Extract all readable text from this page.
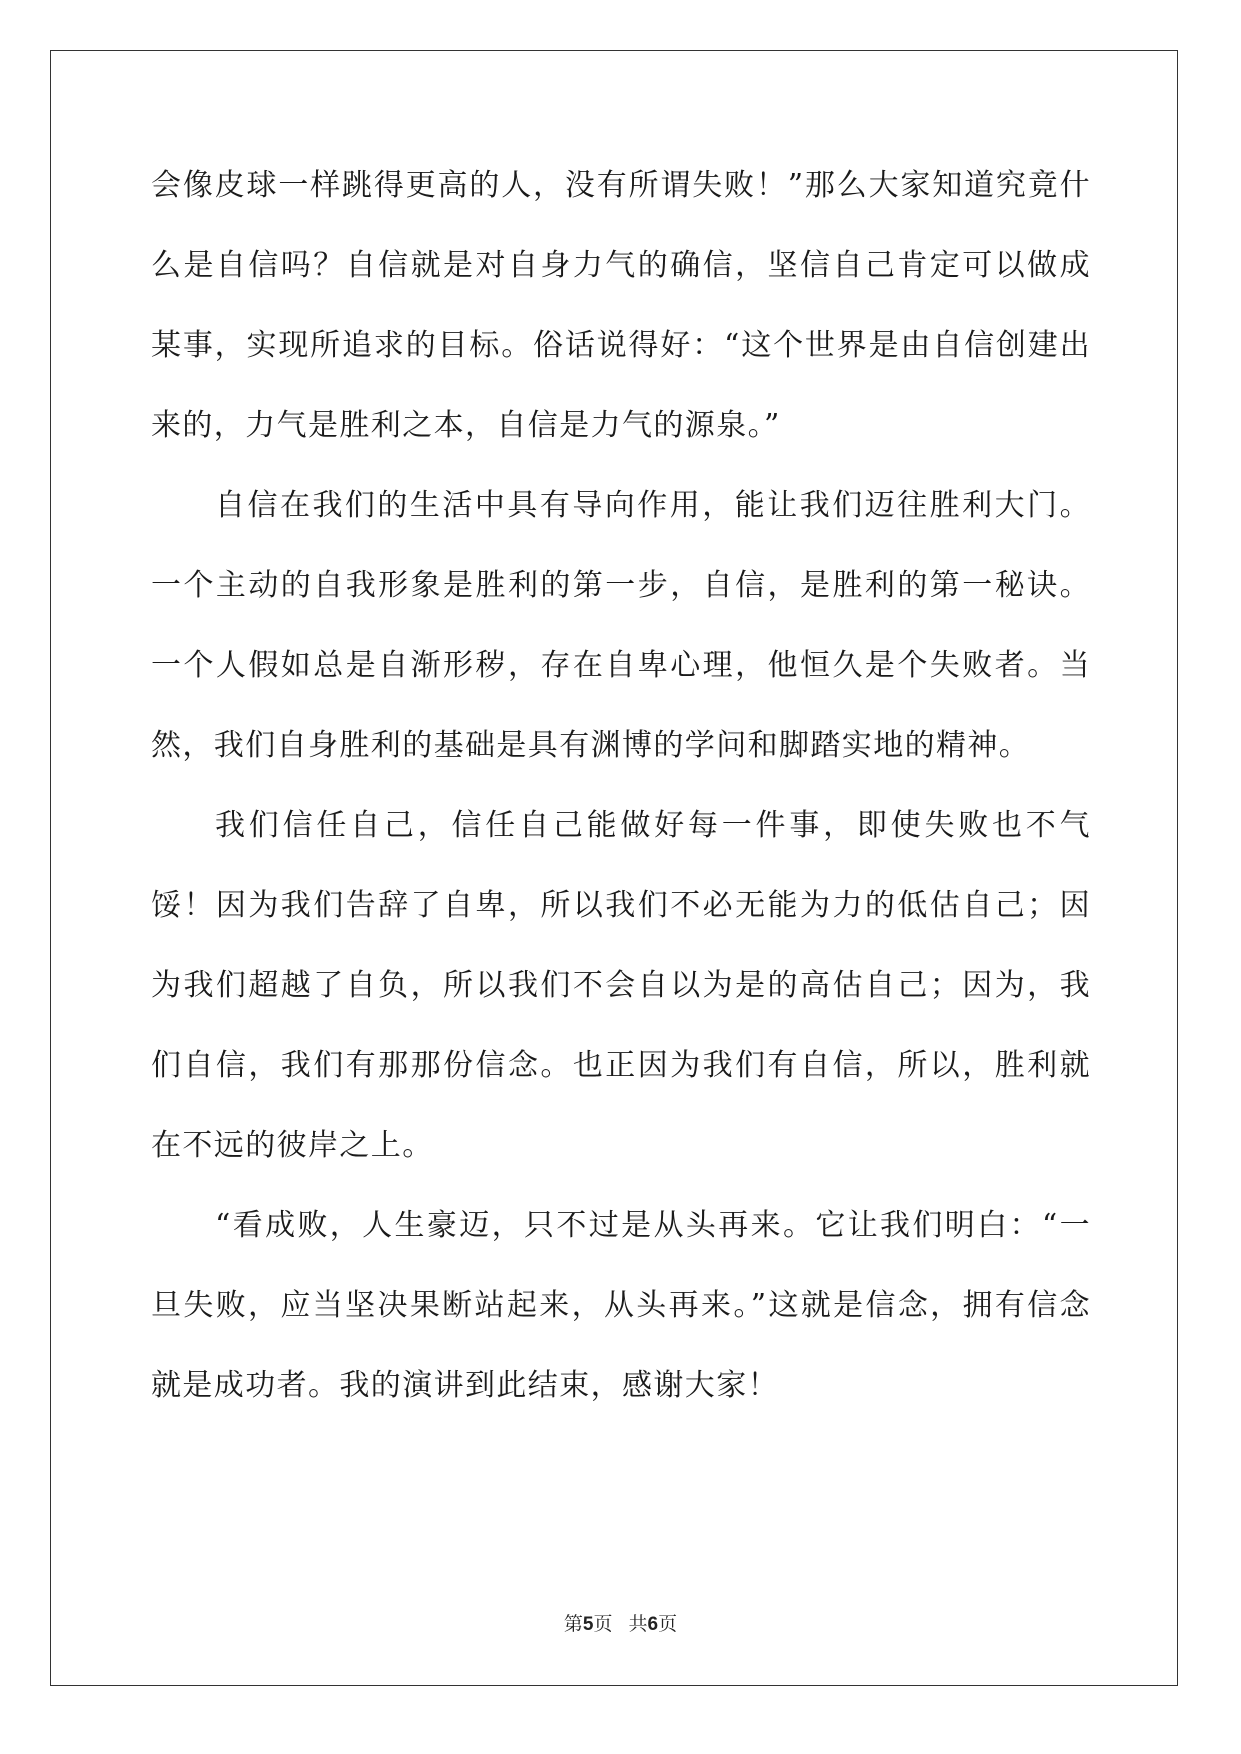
会像皮球一样跳得更高的人，没有所谓失败！”那么大家知道究竟什么是自信吗？自信就是对自身力气的确信，坚信自己肯定可以做成某事，实现所追求的目标。俗话说得好：“这个世界是由自信创建出来的，力气是胜利之本，自信是力气的源泉。”

自信在我们的生活中具有导向作用，能让我们迈往胜利大门。一个主动的自我形象是胜利的第一步，自信，是胜利的第一秘诀。一个人假如总是自渐形秽，存在自卑心理，他恒久是个失败者。当然，我们自身胜利的基础是具有渊博的学问和脚踏实地的精神。

我们信任自己，信任自己能做好每一件事，即使失败也不气馁！因为我们告辞了自卑，所以我们不必无能为力的低估自己；因为我们超越了自负，所以我们不会自以为是的高估自己；因为，我们自信，我们有那那份信念。也正因为我们有自信，所以，胜利就在不远的彼岸之上。

“看成败，人生豪迈，只不过是从头再来。它让我们明白：“一旦失败，应当坚决果断站起来，从头再来。”这就是信念，拥有信念就是成功者。我的演讲到此结束，感谢大家！

第5页 共6页
